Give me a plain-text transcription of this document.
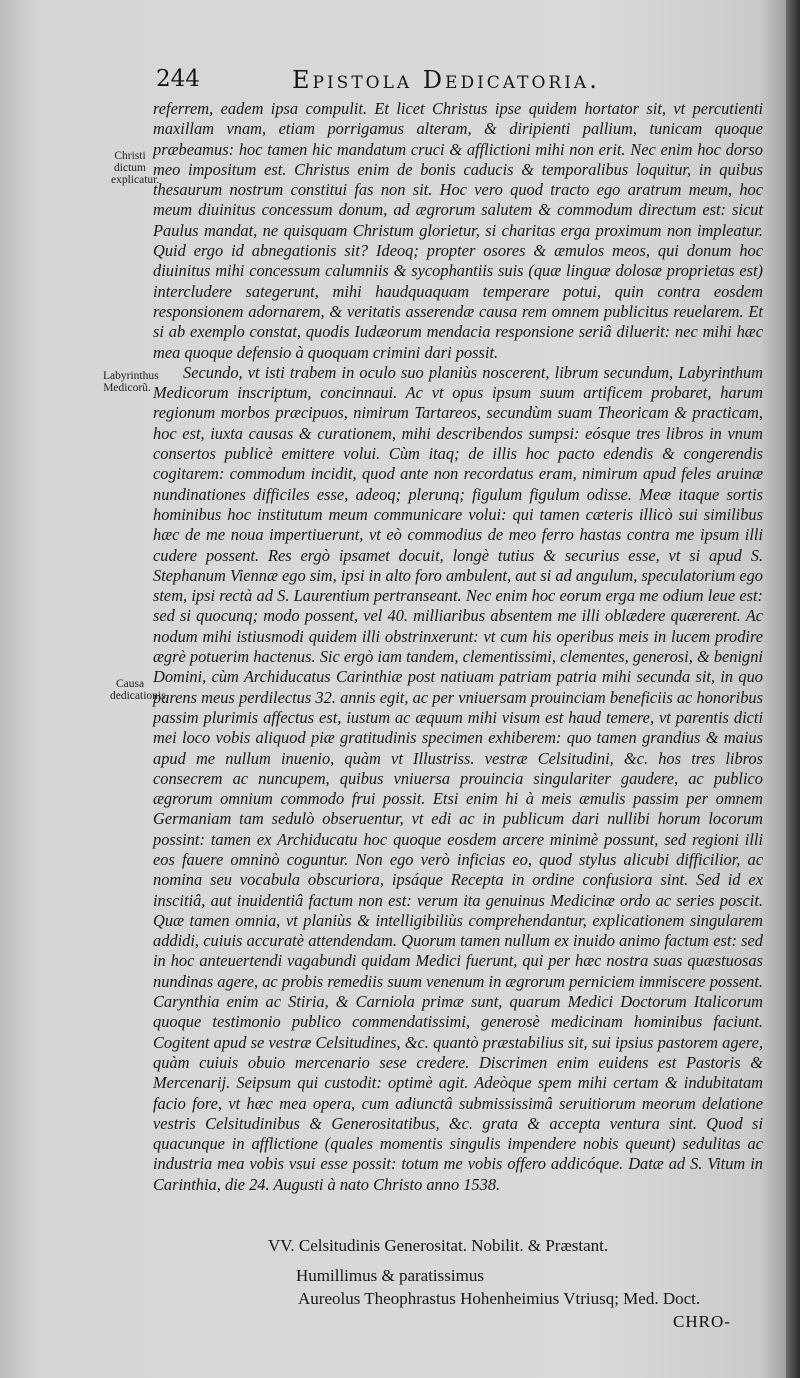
244	Epistola Dedicatoria.
Christi dictum explicatur.
Labyrinthus Medicorũ.
Causa dedicationis.

referrem, eadem ipsa compulit. Et licet Christus ipse quidem hortator sit, vt percutienti maxillam vnam, etiam porrigamus alteram, & diripienti pallium, tunicam quoque præbeamus: hoc tamen hic mandatum cruci & afflictioni mihi non erit. Nec enim hoc dorso meo impositum est. Christus enim de bonis caducis & temporalibus loquitur, in quibus thesaurum nostrum constitui fas non sit. Hoc vero quod tracto ego aratrum meum, hoc meum diuinitus concessum donum, ad ægrorum salutem & commodum directum est: sicut Paulus mandat, ne quisquam Christum glorietur, si charitas erga proximum non impleatur. Quid ergo id abnegationis sit? Ideoq; propter osores & æmulos meos, qui donum hoc diuinitus mihi concessum calumniis & sycophantiis suis (quæ linguæ dolosæ proprietas est) intercludere sategerunt, mihi haudquaquam temperare potui, quin contra eosdem responsionem adornarem, & veritatis asserendæ causa rem omnem publicitus reuelarem. Et si ab exemplo constat, quodis Iudæorum mendacia responsione seriâ diluerit: nec mihi hæc mea quoque defensio à quoquam crimini dari possit.

Secundo, vt isti trabem in oculo suo planiùs noscerent, librum secundum, Labyrinthum Medicorum inscriptum, concinnaui. Ac vt opus ipsum suum artificem probaret, harum regionum morbos præcipuos, nimirum Tartareos, secundùm suam Theoricam & practicam, hoc est, iuxta causas & curationem, mihi describendos sumpsi: eósque tres libros in vnum consertos publicè emittere volui. Cùm itaq; de illis hoc pacto edendis & congerendis cogitarem: commodum incidit, quod ante non recordatus eram, nimirum apud feles aruinæ nundinationes difficiles esse, adeoq; plerunq; figulum figulum odisse. Meæ itaque sortis hominibus hoc institutum meum communicare volui: qui tamen cæteris illicò sui similibus hæc de me noua impertiuerunt, vt eò commodius de meo ferro hastas contra me ipsum illi cudere possent. Res ergò ipsamet docuit, longè tutius & securius esse, vt si apud S. Stephanum Viennæ ego sim, ipsi in alto foro ambulent, aut si ad angulum, speculatorium ego stem, ipsi rectà ad S. Laurentium pertranseant. Nec enim hoc eorum erga me odium leue est: sed si quocunq; modo possent, vel 40. milliaribus absentem me illi oblædere quærerent. Ac nodum mihi istiusmodi quidem illi obstrinxerunt: vt cum his operibus meis in lucem prodire ægrè potuerim hactenus. Sic ergò iam tandem, clementissimi, clementes, generosi, & benigni Domini, cùm Archiducatus Carinthiæ post natiuam patriam patria mihi secunda sit, in quo parens meus perdilectus 32. annis egit, ac per vniuersam prouinciam beneficiis ac honoribus passim plurimis affectus est, iustum ac æquum mihi visum est haud temere, vt parentis dicti mei loco vobis aliquod piæ gratitudinis specimen exhiberem: quo tamen grandius & maius apud me nullum inuenio, quàm vt Illustriss. vestræ Celsitudini, &c. hos tres libros consecrem ac nuncupem, quibus vniuersa prouincia singulariter gaudere, ac publico ægrorum omnium commodo frui possit. Etsi enim hi à meis æmulis passim per omnem Germaniam tam sedulò obseruentur, vt edi ac in publicum dari nullibi horum locorum possint: tamen ex Archiducatu hoc quoque eosdem arcere minimè possunt, sed regioni illi eos fauere omninò coguntur. Non ego verò inficias eo, quod stylus alicubi difficilior, ac nomina seu vocabula obscuriora, ipsáque Recepta in ordine confusiora sint. Sed id ex inscitiâ, aut inuidentiâ factum non est: verum ita genuinus Medicinæ ordo ac series poscit. Quæ tamen omnia, vt planiùs & intelligibiliùs comprehendantur, explicationem singularem addidi, cuiuis accuratè attendendam. Quorum tamen nullum ex inuido animo factum est: sed in hoc anteuertendi vagabundi quidam Medici fuerunt, qui per hæc nostra suas quæstuosas nundinas agere, ac probis remediis suum venenum in ægrorum perniciem immiscere possent. Carynthia enim ac Stiria, & Carniola primæ sunt, quarum Medici Doctorum Italicorum quoque testimonio publico commendatissimi, generosè medicinam hominibus faciunt. Cogitent apud se vestræ Celsitudines, &c. quantò præstabilius sit, sui ipsius pastorem agere, quàm cuiuis obuio mercenario sese credere. Discrimen enim euidens est Pastoris & Mercenarij. Seipsum qui custodit: optimè agit. Adeòque spem mihi certam & indubitatam facio fore, vt hæc mea opera, cum adiunctâ submississimâ seruitiorum meorum delatione vestris Celsitudinibus & Generositatibus, &c. grata & accepta ventura sint. Quod si quacunque in afflictione (quales momentis singulis impendere nobis queunt) sedulitas ac industria mea vobis vsui esse possit: totum me vobis offero addicóque. Datæ ad S. Vitum in Carinthia, die 24. Augusti à nato Christo anno 1538.

VV. Celsitudinis Generositat. Nobilit. & Præstant.
Humillimus & paratissimus
Aureolus Theophrastus Hohenheimius Vtriusq; Med. Doct.
CHRO-
